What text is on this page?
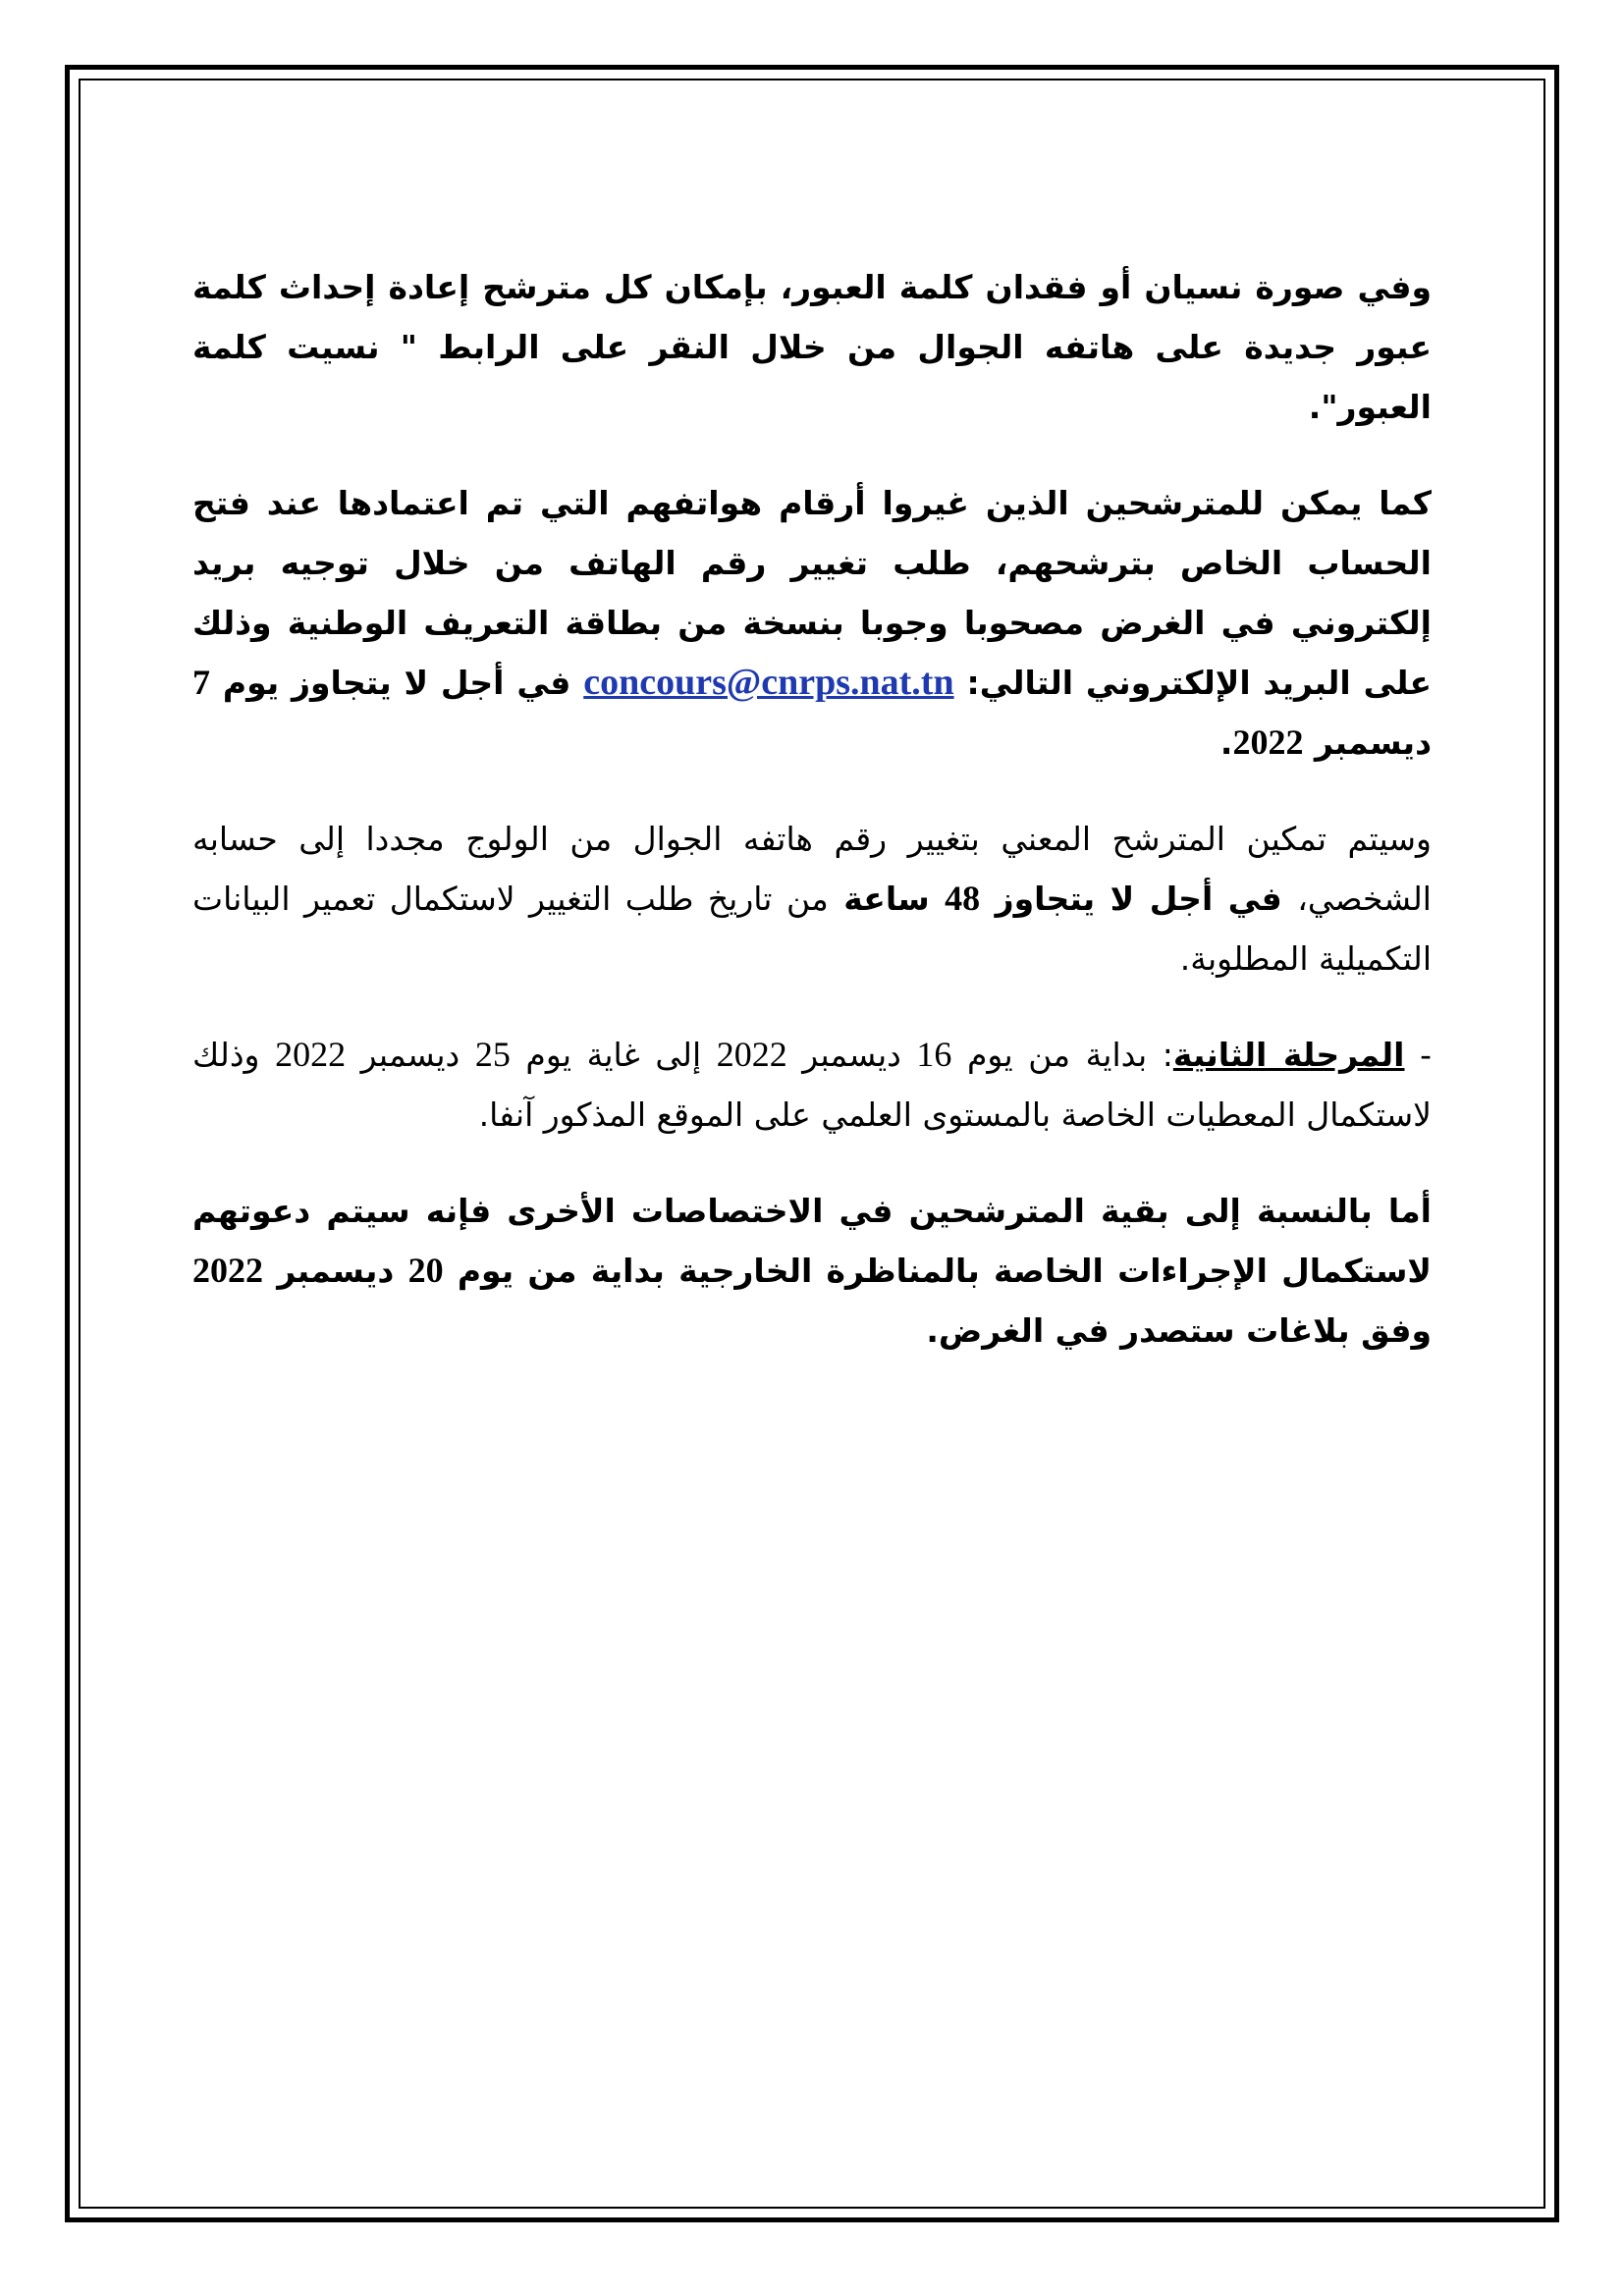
وفي صورة نسيان أو فقدان كلمة العبور، بإمكان كل مترشح إعادة إحداث كلمة عبور جديدة على هاتفه الجوال من خلال النقر على الرابط " نسيت كلمة العبور".

كما يمكن للمترشحين الذين غيروا أرقام هواتفهم التي تم اعتمادها عند فتح الحساب الخاص بترشحهم، طلب تغيير رقم الهاتف من خلال توجيه بريد إلكتروني في الغرض مصحوبا وجوبا بنسخة من بطاقة التعريف الوطنية وذلك على البريد الإلكتروني التالي: concours@cnrps.nat.tn في أجل لا يتجاوز يوم 7 ديسمبر 2022.

وسيتم تمكين المترشح المعني بتغيير رقم هاتفه الجوال من الولوج مجددا إلى حسابه الشخصي، في أجل لا يتجاوز 48 ساعة من تاريخ طلب التغيير لاستكمال تعمير البيانات التكميلية المطلوبة.

- المرحلة الثانية: بداية من يوم 16 ديسمبر 2022 إلى غاية يوم 25 ديسمبر 2022 وذلك لاستكمال المعطيات الخاصة بالمستوى العلمي على الموقع المذكور آنفا.

أما بالنسبة إلى بقية المترشحين في الاختصاصات الأخرى فإنه سيتم دعوتهم لاستكمال الإجراءات الخاصة بالمناظرة الخارجية بداية من يوم 20 ديسمبر 2022 وفق بلاغات ستصدر في الغرض.
